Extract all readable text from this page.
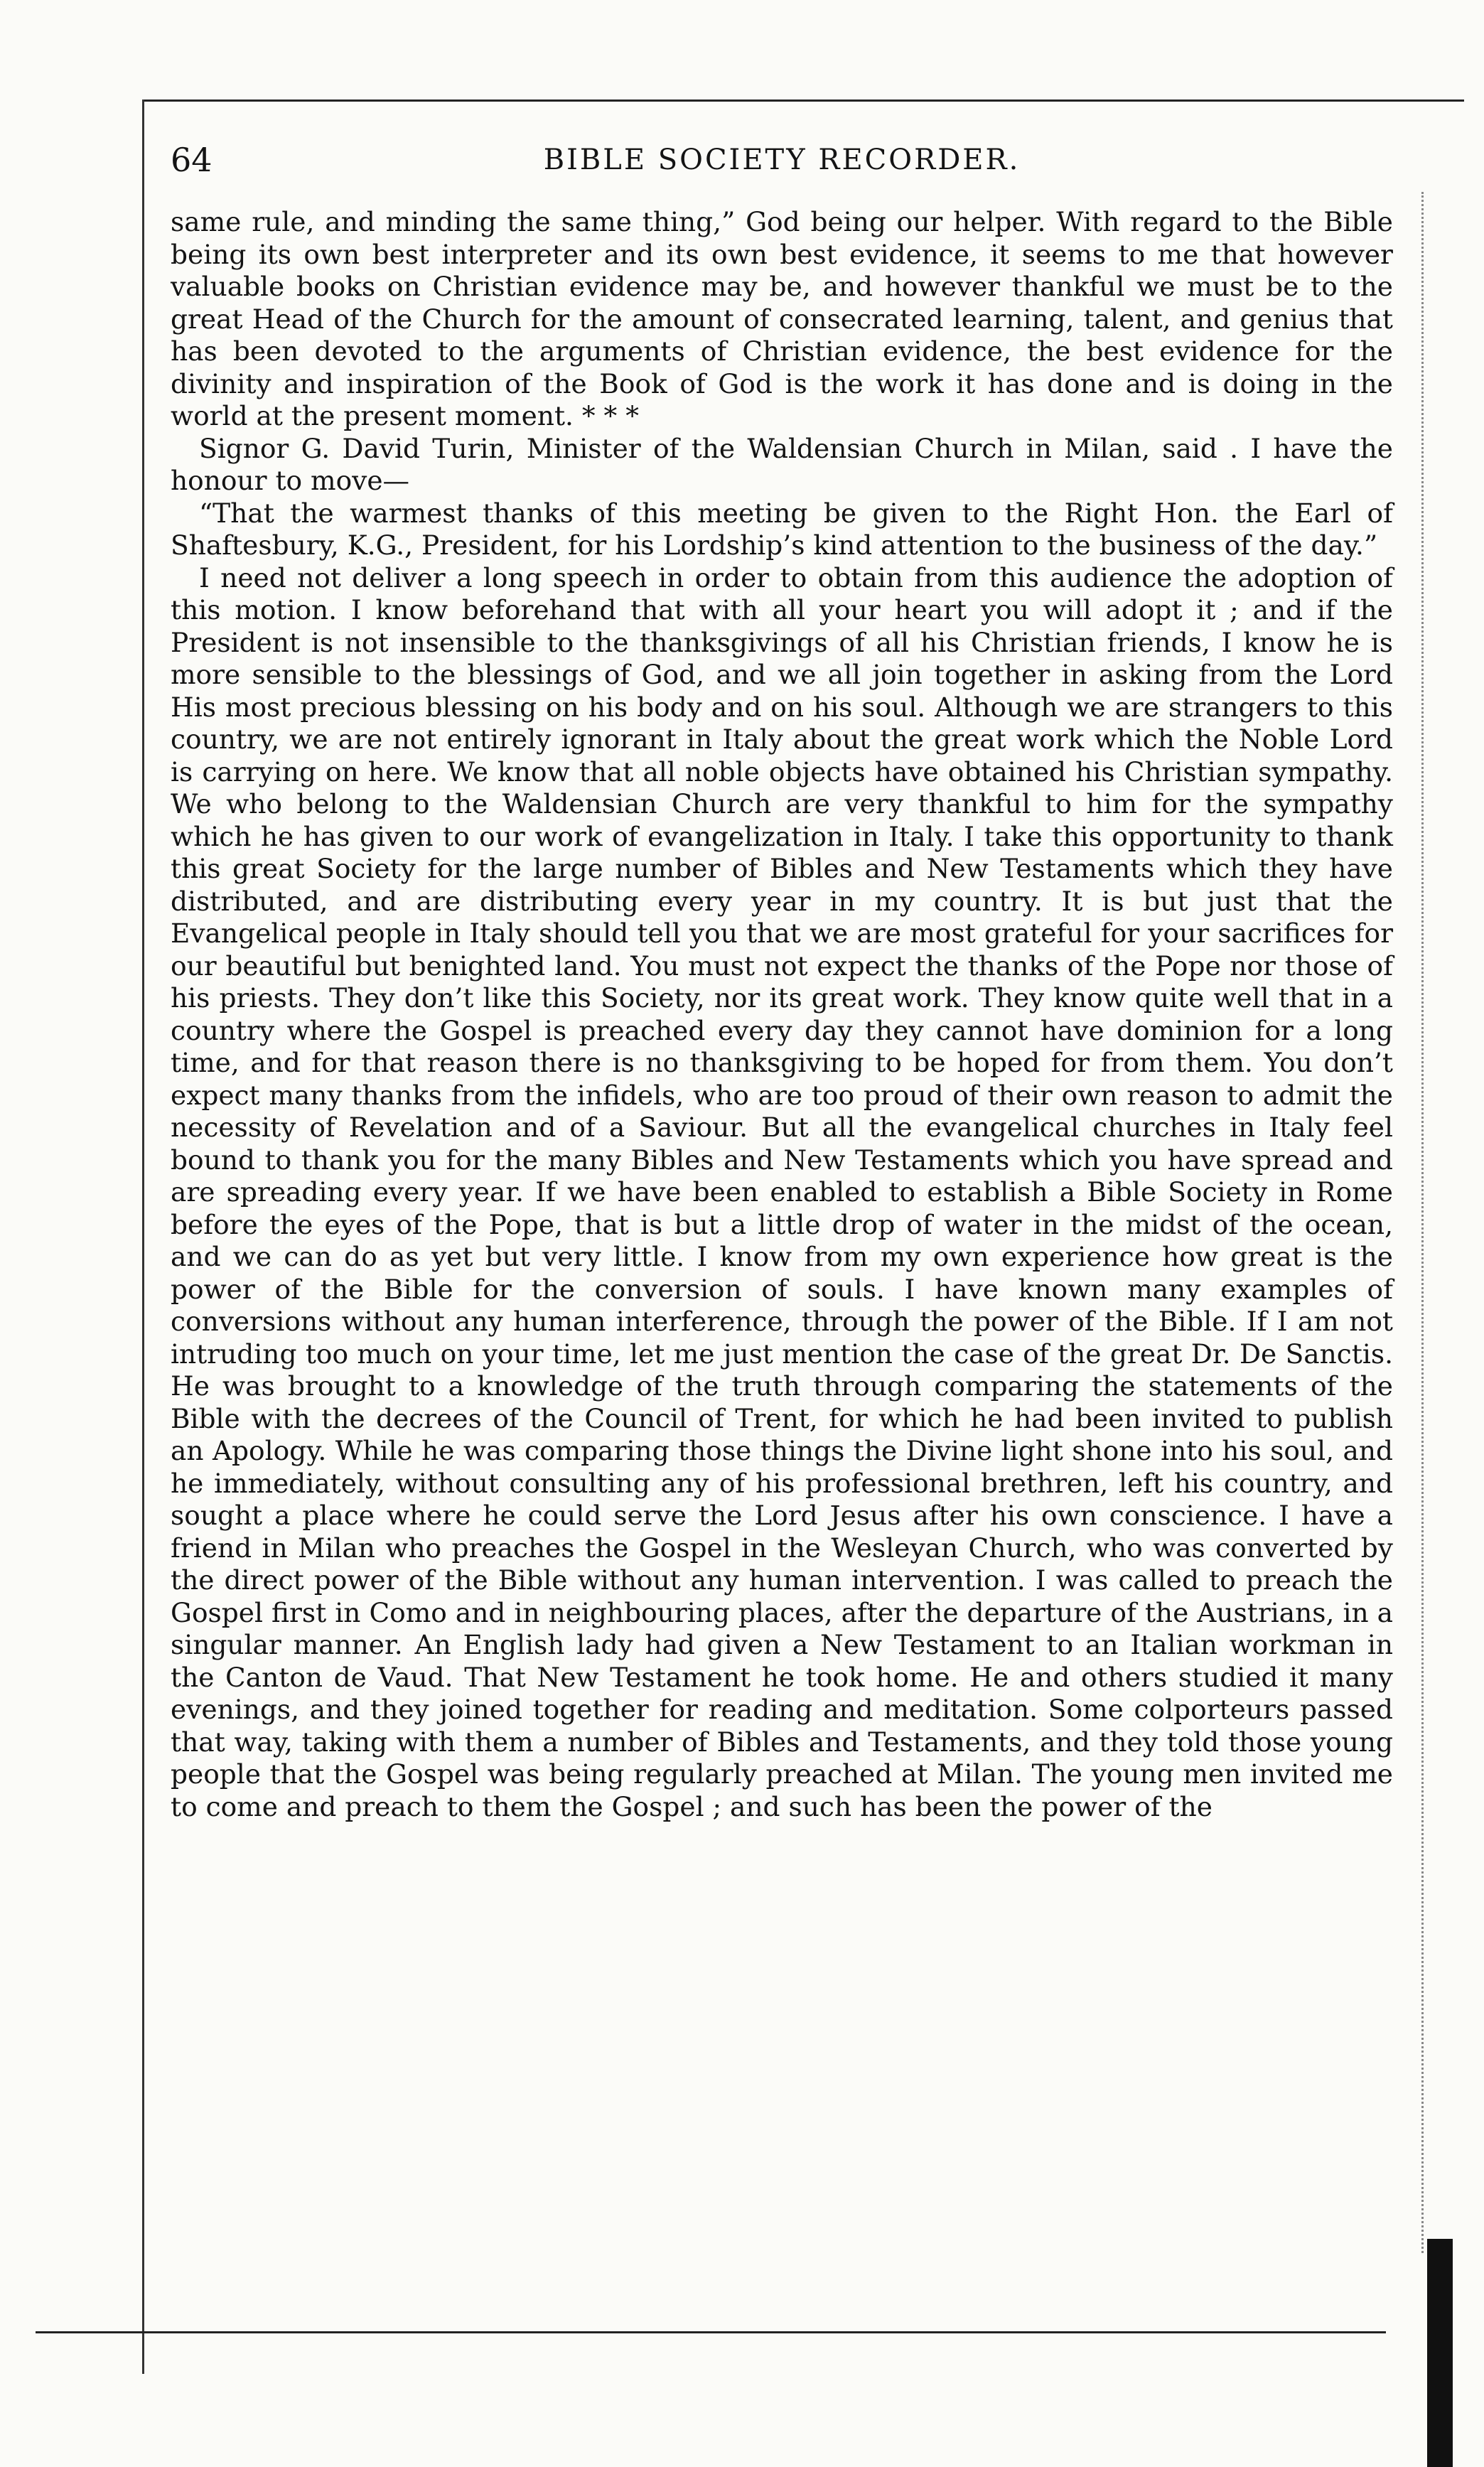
BIBLE SOCIETY RECORDER.
64

same rule, and minding the same thing,” God being our helper. With regard to the Bible being its own best interpreter and its own best evidence, it seems to me that however valuable books on Christian evidence may be, and however thankful we must be to the great Head of the Church for the amount of consecrated learning, talent, and genius that has been devoted to the arguments of Christian evidence, the best evidence for the divinity and inspiration of the Book of God is the work it has done and is doing in the world at the present moment. * * *

Signor G. David Turin, Minister of the Waldensian Church in Milan, said . I have the honour to move—

“That the warmest thanks of this meeting be given to the Right Hon. the Earl of Shaftesbury, K.G., President, for his Lordship’s kind attention to the business of the day.”

I need not deliver a long speech in order to obtain from this audience the adoption of this motion. I know beforehand that with all your heart you will adopt it ; and if the President is not insensible to the thanksgivings of all his Christian friends, I know he is more sensible to the blessings of God, and we all join together in asking from the Lord His most precious blessing on his body and on his soul. Although we are strangers to this country, we are not entirely ignorant in Italy about the great work which the Noble Lord is carrying on here. We know that all noble objects have obtained his Christian sympathy. We who belong to the Waldensian Church are very thankful to him for the sympathy which he has given to our work of evangelization in Italy. I take this opportunity to thank this great Society for the large number of Bibles and New Testaments which they have distributed, and are distributing every year in my country. It is but just that the Evangelical people in Italy should tell you that we are most grateful for your sacrifices for our beautiful but benighted land. You must not expect the thanks of the Pope nor those of his priests. They don’t like this Society, nor its great work. They know quite well that in a country where the Gospel is preached every day they cannot have dominion for a long time, and for that reason there is no thanksgiving to be hoped for from them. You don’t expect many thanks from the infidels, who are too proud of their own reason to admit the necessity of Revelation and of a Saviour. But all the evangelical churches in Italy feel bound to thank you for the many Bibles and New Testaments which you have spread and are spreading every year. If we have been enabled to establish a Bible Society in Rome before the eyes of the Pope, that is but a little drop of water in the midst of the ocean, and we can do as yet but very little. I know from my own experience how great is the power of the Bible for the conversion of souls. I have known many examples of conversions without any human interference, through the power of the Bible. If I am not intruding too much on your time, let me just mention the case of the great Dr. De Sanctis. He was brought to a knowledge of the truth through comparing the statements of the Bible with the decrees of the Council of Trent, for which he had been invited to publish an Apology. While he was comparing those things the Divine light shone into his soul, and he immediately, without consulting any of his professional brethren, left his country, and sought a place where he could serve the Lord Jesus after his own conscience. I have a friend in Milan who preaches the Gospel in the Wesleyan Church, who was converted by the direct power of the Bible without any human intervention. I was called to preach the Gospel first in Como and in neighbouring places, after the departure of the Austrians, in a singular manner. An English lady had given a New Testament to an Italian workman in the Canton de Vaud. That New Testament he took home. He and others studied it many evenings, and they joined together for reading and meditation. Some colporteurs passed that way, taking with them a number of Bibles and Testaments, and they told those young people that the Gospel was being regularly preached at Milan. The young men invited me to come and preach to them the Gospel ; and such has been the power of the
